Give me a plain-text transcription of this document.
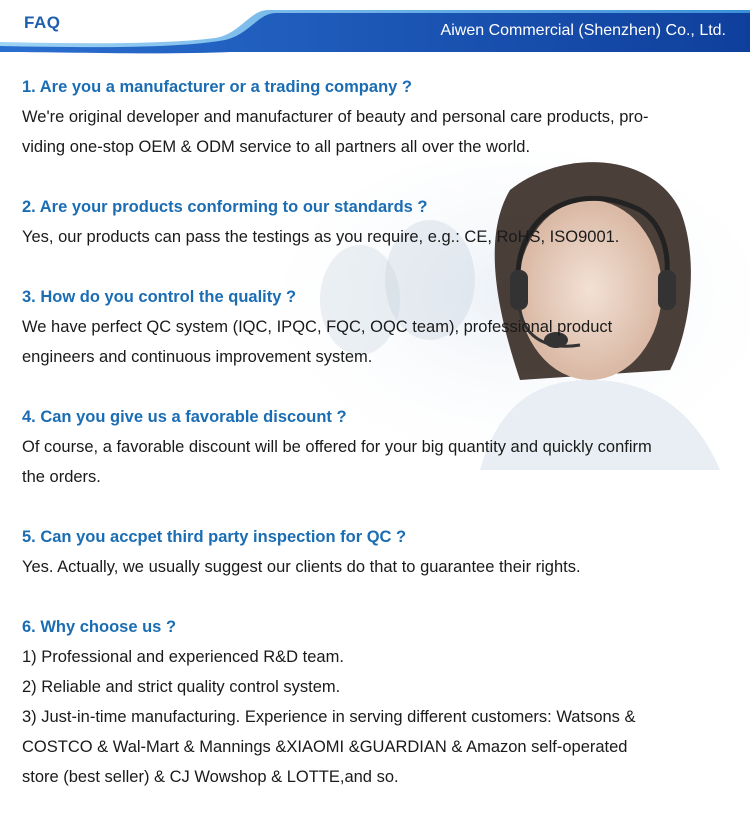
FAQ	Aiwen Commercial (Shenzhen) Co., Ltd.
1. Are you a manufacturer or a trading company ?
We're original developer and manufacturer of beauty and personal care products, pro-
viding one-stop OEM & ODM service to all partners all over the world.
2. Are your products conforming to our standards ?
Yes, our products can pass the testings as you require, e.g.: CE, RoHS, ISO9001.
3. How do you control the quality ?
We have perfect QC system (IQC, IPQC, FQC, OQC team), professional product
engineers and continuous improvement system.
4. Can you give us a favorable discount ?
Of course, a favorable discount will be offered for your big quantity and quickly confirm
the orders.
5. Can you accpet third party inspection for QC ?
Yes. Actually, we usually suggest our clients do that to guarantee their rights.
6. Why choose us ?
1) Professional and experienced R&D team.
2) Reliable and strict quality control system.
3) Just-in-time manufacturing. Experience in serving different customers: Watsons &
COSTCO & Wal-Mart & Mannings &XIAOMI &GUARDIAN & Amazon self-operated
store (best seller) & CJ Wowshop & LOTTE,and so.
